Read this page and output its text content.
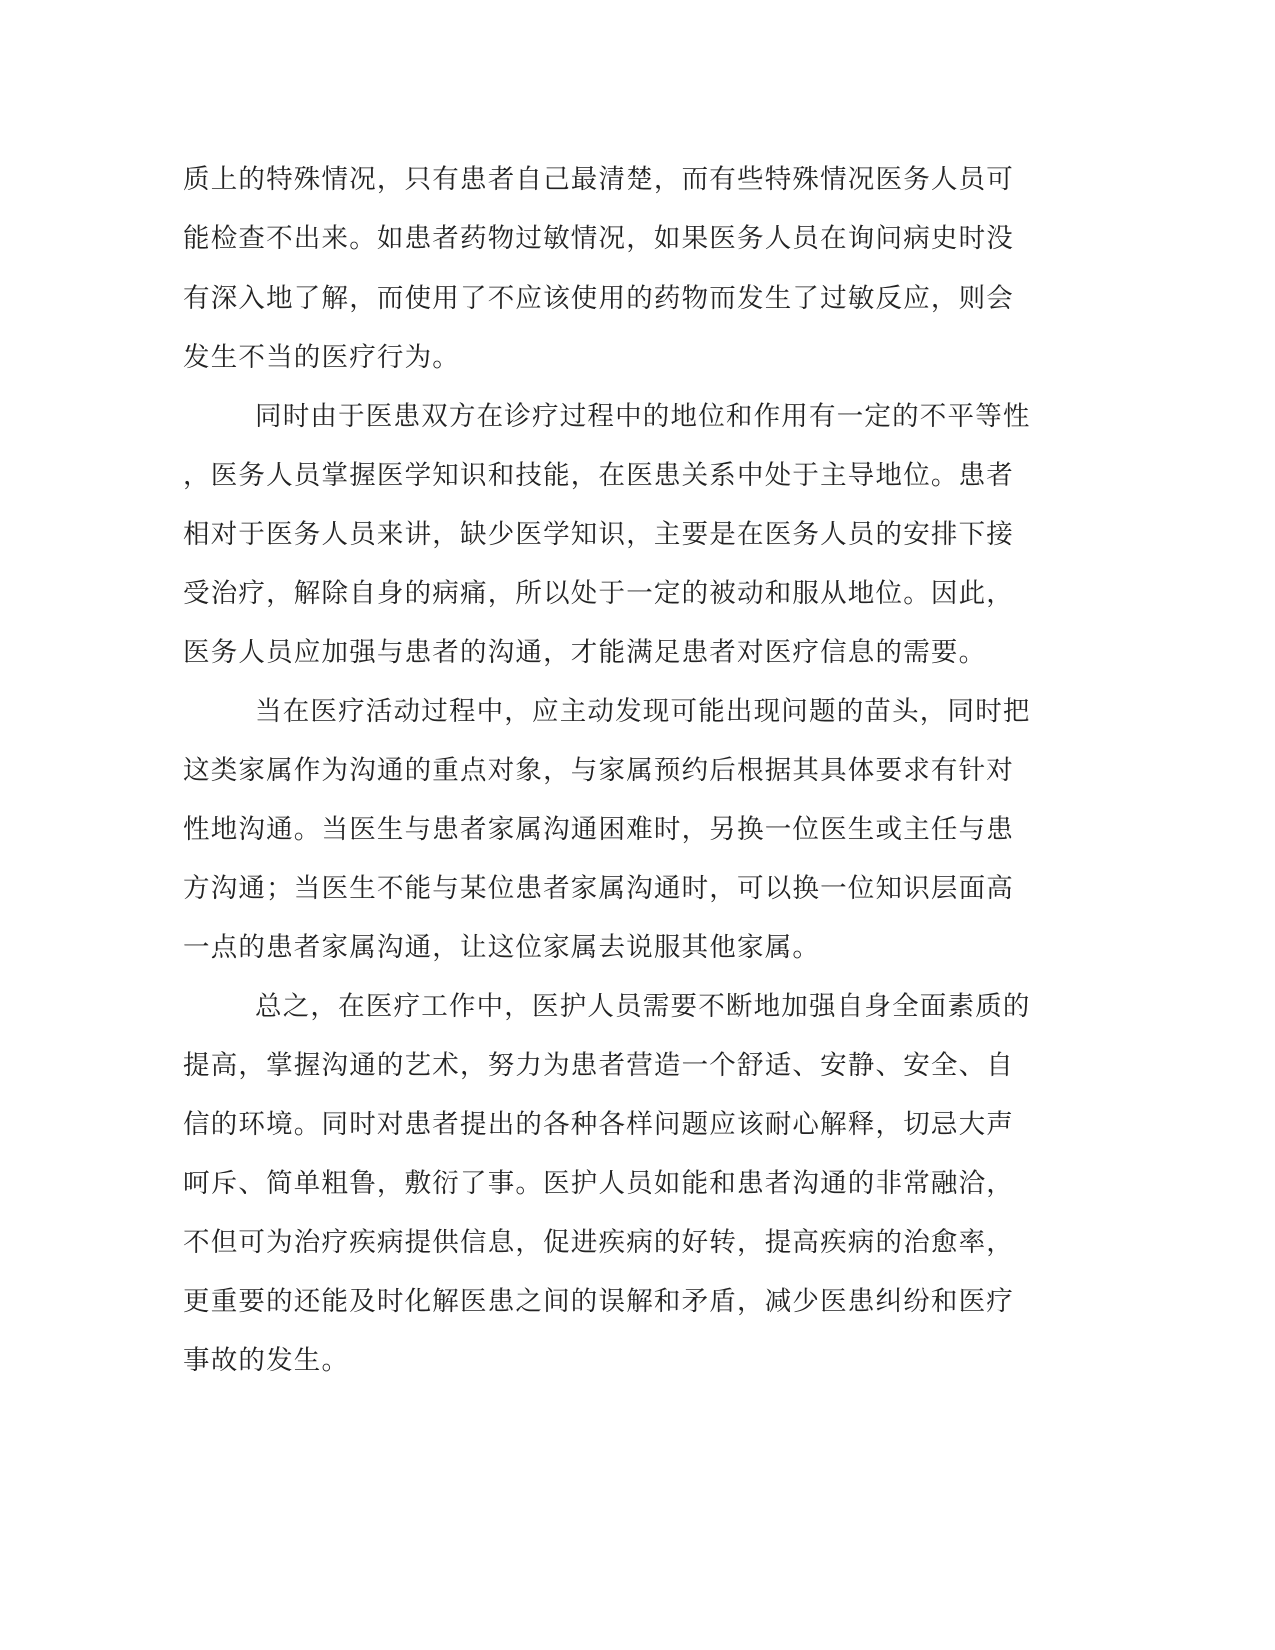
质上的特殊情况，只有患者自己最清楚，而有些特殊情况医务人员可
能检查不出来。如患者药物过敏情况，如果医务人员在询问病史时没
有深入地了解，而使用了不应该使用的药物而发生了过敏反应，则会
发生不当的医疗行为。
同时由于医患双方在诊疗过程中的地位和作用有一定的不平等性
，医务人员掌握医学知识和技能，在医患关系中处于主导地位。患者
相对于医务人员来讲，缺少医学知识，主要是在医务人员的安排下接
受治疗，解除自身的病痛，所以处于一定的被动和服从地位。因此，
医务人员应加强与患者的沟通，才能满足患者对医疗信息的需要。
当在医疗活动过程中，应主动发现可能出现问题的苗头，同时把
这类家属作为沟通的重点对象，与家属预约后根据其具体要求有针对
性地沟通。当医生与患者家属沟通困难时，另换一位医生或主任与患
方沟通；当医生不能与某位患者家属沟通时，可以换一位知识层面高
一点的患者家属沟通，让这位家属去说服其他家属。
总之，在医疗工作中，医护人员需要不断地加强自身全面素质的
提高，掌握沟通的艺术，努力为患者营造一个舒适、安静、安全、自
信的环境。同时对患者提出的各种各样问题应该耐心解释，切忌大声
呵斥、简单粗鲁，敷衍了事。医护人员如能和患者沟通的非常融洽，
不但可为治疗疾病提供信息，促进疾病的好转，提高疾病的治愈率，
更重要的还能及时化解医患之间的误解和矛盾，减少医患纠纷和医疗
事故的发生。
